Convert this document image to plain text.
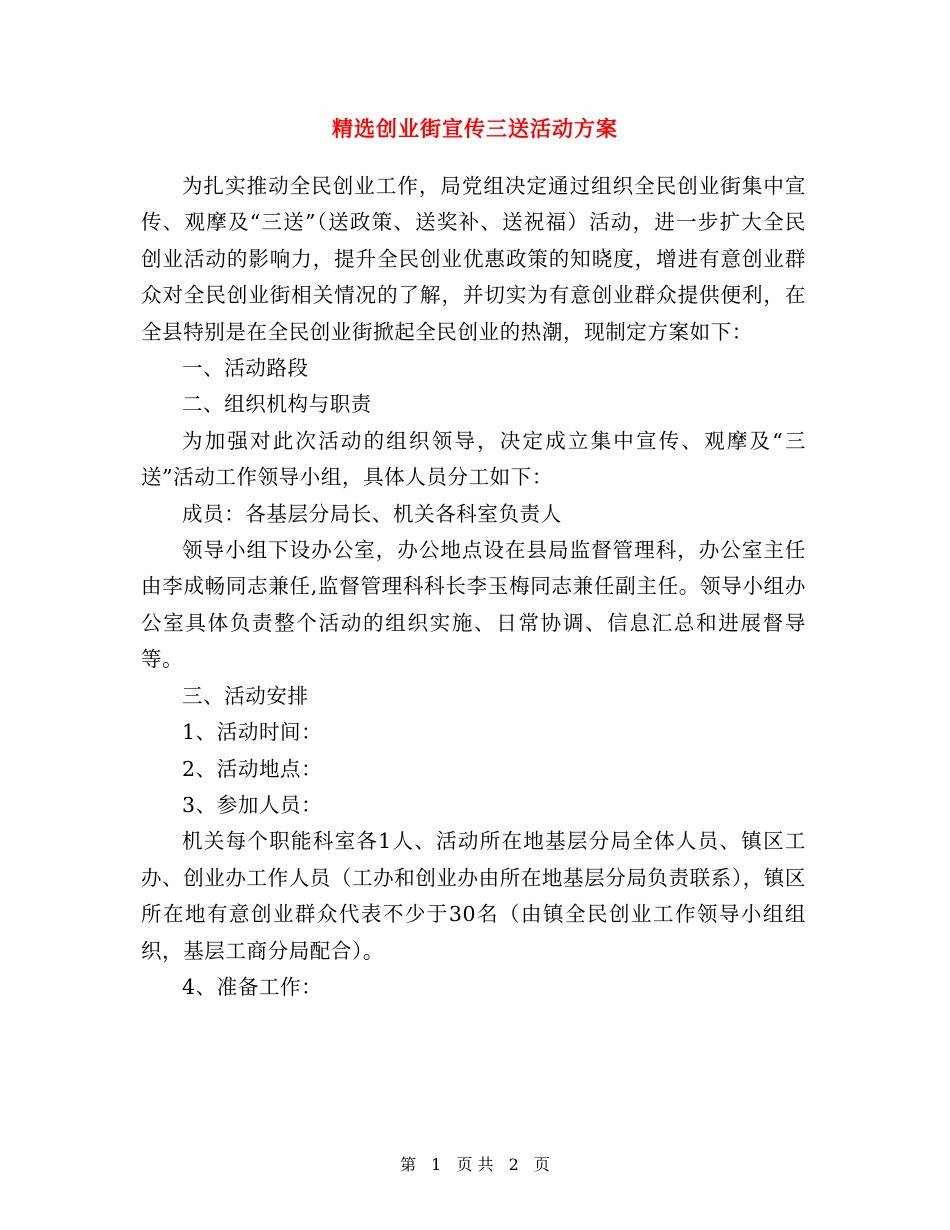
精选创业街宣传三送活动方案

为扎实推动全民创业工作，局党组决定通过组织全民创业街集中宣传、观摩及“三送”（送政策、送奖补、送祝福）活动，进一步扩大全民创业活动的影响力，提升全民创业优惠政策的知晓度，增进有意创业群众对全民创业街相关情况的了解，并切实为有意创业群众提供便利，在全县特别是在全民创业街掀起全民创业的热潮，现制定方案如下：

一、活动路段

二、组织机构与职责

为加强对此次活动的组织领导，决定成立集中宣传、观摩及“三送”活动工作领导小组，具体人员分工如下：

成员：各基层分局长、机关各科室负责人

领导小组下设办公室，办公地点设在县局监督管理科，办公室主任由李成畅同志兼任,监督管理科科长李玉梅同志兼任副主任。领导小组办公室具体负责整个活动的组织实施、日常协调、信息汇总和进展督导等。

三、活动安排

1、活动时间：

2、活动地点：

3、参加人员：

机关每个职能科室各1人、活动所在地基层分局全体人员、镇区工办、创业办工作人员（工办和创业办由所在地基层分局负责联系），镇区所在地有意创业群众代表不少于30名（由镇全民创业工作领导小组组织，基层工商分局配合）。

4、准备工作：

第 1 页 共 2 页
